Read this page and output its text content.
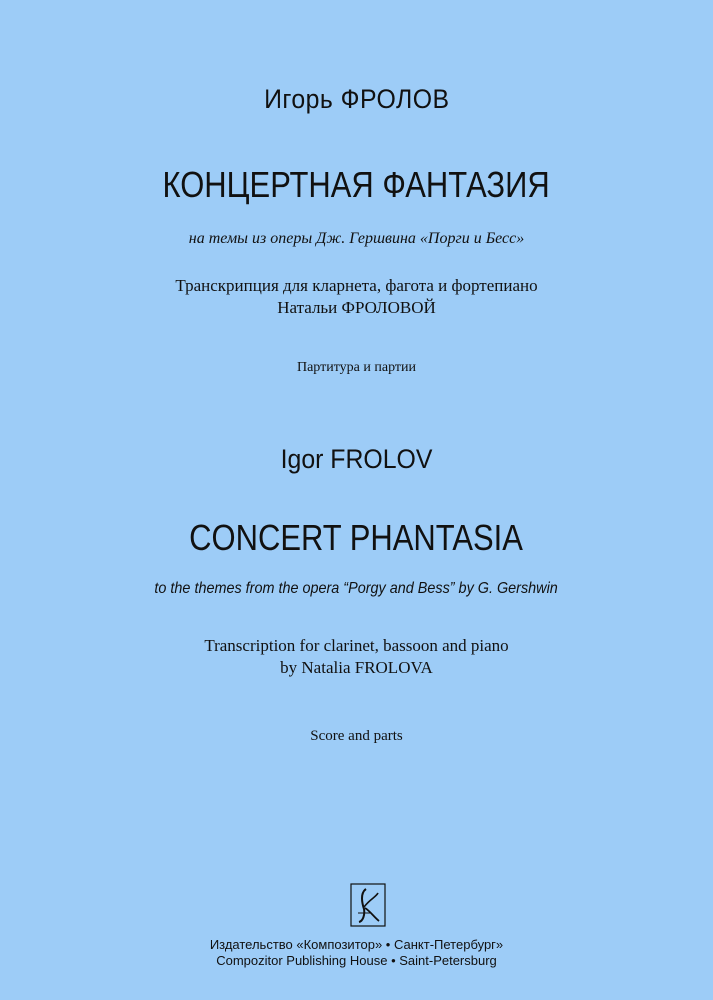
Игорь ФРОЛОВ
КОНЦЕРТНАЯ ФАНТАЗИЯ
на темы из оперы Дж. Гершвина «Порги и Бесс»
Транскрипция для кларнета, фагота и фортепиано
Натальи ФРОЛОВОЙ
Партитура и партии
Igor FROLOV
CONCERT PHANTASIA
to the themes from the opera “Porgy and Bess” by G. Gershwin
Transcription for clarinet, bassoon and piano
by Natalia FROLOVA
Score and parts
Издательство «Композитор» • Санкт-Петербург»
Compozitor Publishing House • Saint-Petersburg
